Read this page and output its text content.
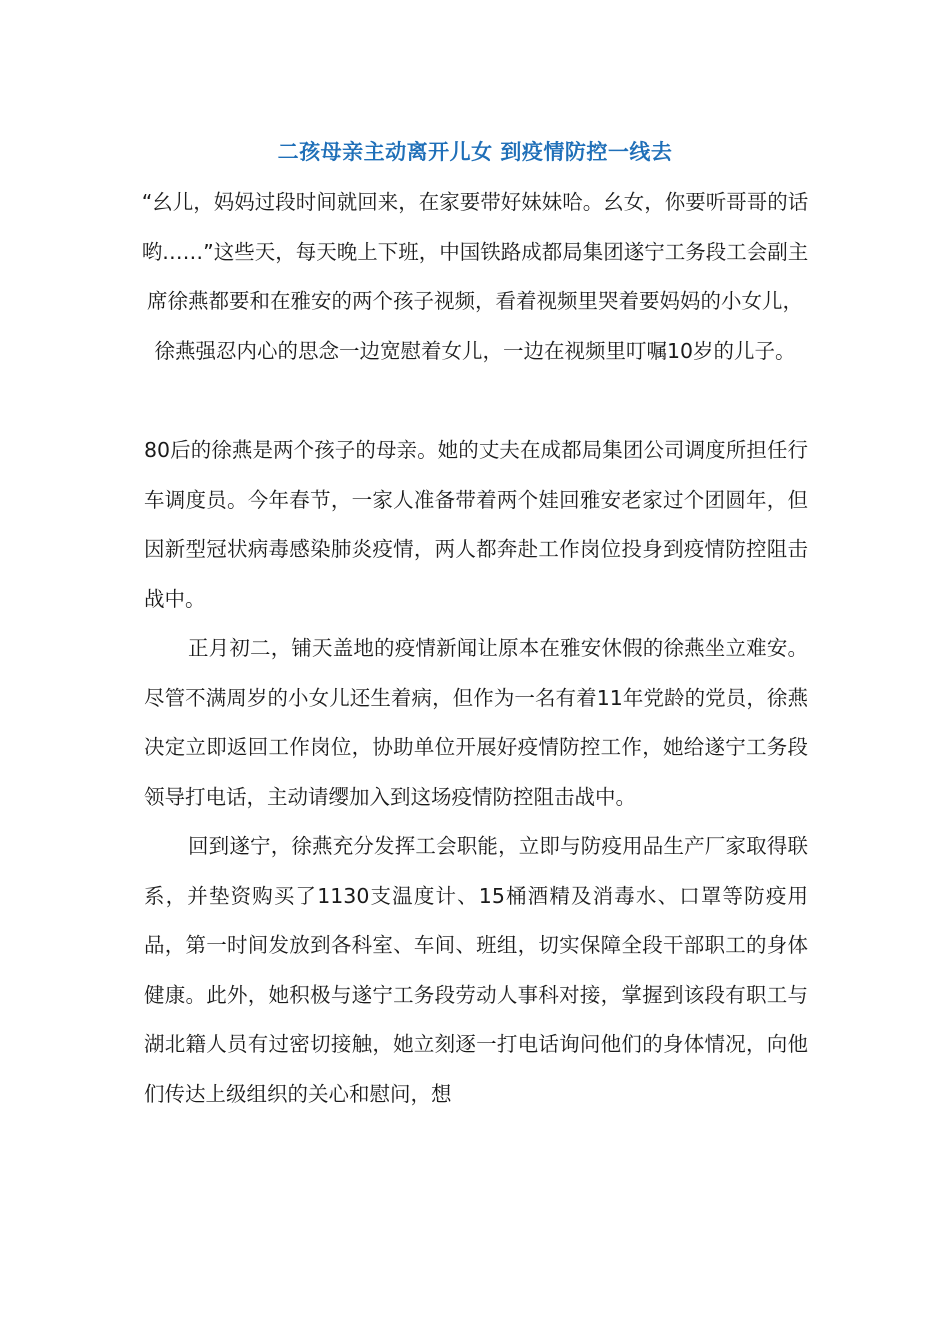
二孩母亲主动离开儿女 到疫情防控一线去

“幺儿，妈妈过段时间就回来，在家要带好妹妹哈。幺女，你要听哥哥的话哟……”这些天，每天晚上下班，中国铁路成都局集团遂宁工务段工会副主席徐燕都要和在雅安的两个孩子视频，看着视频里哭着要妈妈的小女儿，徐燕强忍内心的思念一边宽慰着女儿，一边在视频里叮嘱10岁的儿子。

80后的徐燕是两个孩子的母亲。她的丈夫在成都局集团公司调度所担任行车调度员。今年春节，一家人准备带着两个娃回雅安老家过个团圆年，但因新型冠状病毒感染肺炎疫情，两人都奔赴工作岗位投身到疫情防控阻击战中。

正月初二，铺天盖地的疫情新闻让原本在雅安休假的徐燕坐立难安。尽管不满周岁的小女儿还生着病，但作为一名有着11年党龄的党员，徐燕决定立即返回工作岗位，协助单位开展好疫情防控工作，她给遂宁工务段领导打电话，主动请缨加入到这场疫情防控阻击战中。

回到遂宁，徐燕充分发挥工会职能，立即与防疫用品生产厂家取得联系，并垫资购买了1130支温度计、15桶酒精及消毒水、口罩等防疫用品，第一时间发放到各科室、车间、班组，切实保障全段干部职工的身体健康。此外，她积极与遂宁工务段劳动人事科对接，掌握到该段有职工与湖北籍人员有过密切接触，她立刻逐一打电话询问他们的身体情况，向他们传达上级组织的关心和慰问，想
